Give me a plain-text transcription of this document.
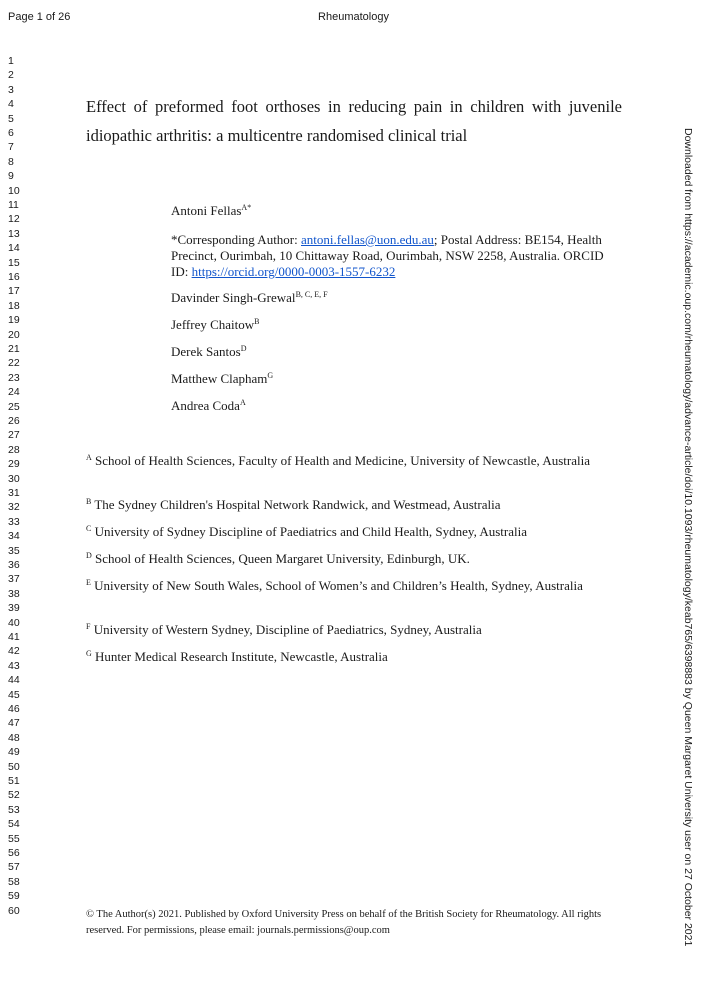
Page 1 of 26	Rheumatology
1
2
3
4
5
6
7
8
9
10
11
12
13
14
15
16
17
18
19
20
21
22
23
24
25
26
27
28
29
30
31
32
33
34
35
36
37
38
39
40
41
42
43
44
45
46
47
48
49
50
51
52
53
54
55
56
57
58
59
60
Effect of preformed foot orthoses in reducing pain in children with juvenile idiopathic arthritis: a multicentre randomised clinical trial
Antoni Fellas$^{A*}$
*Corresponding Author: antoni.fellas@uon.edu.au; Postal Address: BE154, Health Precinct, Ourimbah, 10 Chittaway Road, Ourimbah, NSW 2258, Australia. ORCID ID: https://orcid.org/0000-0003-1557-6232
Davinder Singh-Grewal$^{B, C, E, F}$
Jeffrey Chaitow$^B$
Derek Santos$^D$
Matthew Clapham$^G$
Andrea Coda$^A$
$^A$ School of Health Sciences, Faculty of Health and Medicine, University of Newcastle, Australia
$^B$ The Sydney Children's Hospital Network Randwick, and Westmead, Australia
$^C$ University of Sydney Discipline of Paediatrics and Child Health, Sydney, Australia
$^D$ School of Health Sciences, Queen Margaret University, Edinburgh, UK.
$^E$ University of New South Wales, School of Women’s and Children’s Health, Sydney, Australia
$^F$ University of Western Sydney, Discipline of Paediatrics, Sydney, Australia
$^G$ Hunter Medical Research Institute, Newcastle, Australia
© The Author(s) 2021. Published by Oxford University Press on behalf of the British Society for Rheumatology. All rights reserved. For permissions, please email: journals.permissions@oup.com	Downloaded from https://academic.oup.com/rheumatology/advance-article/doi/10.1093/rheumatology/keab765/6398883 by Queen Margaret University user on 27 October 2021
